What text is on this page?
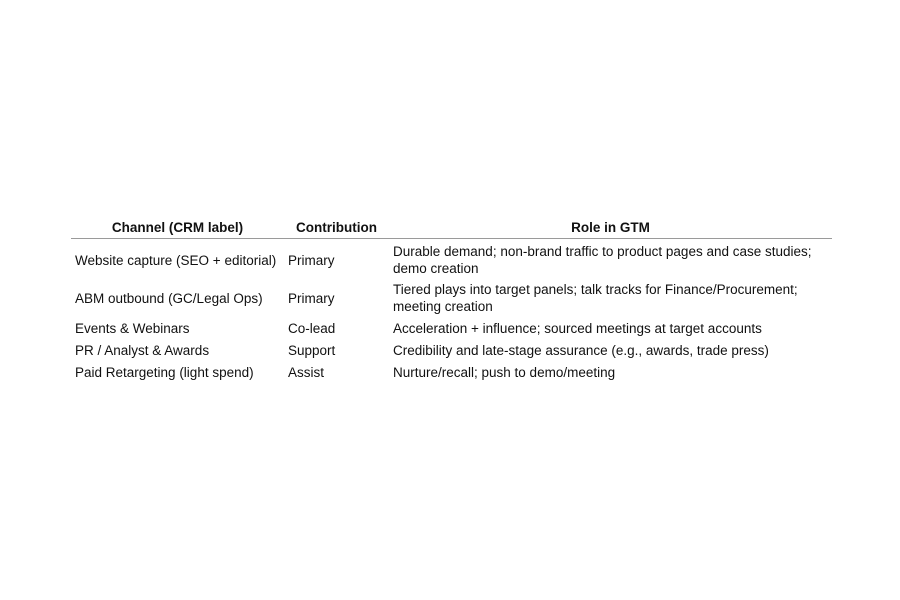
Channel (CRM label)	Contribution	Role in GTM
Website capture (SEO + editorial)	Primary	Durable demand; non-brand traffic to product pages and case studies; demo creation
ABM outbound (GC/Legal Ops)	Primary	Tiered plays into target panels; talk tracks for Finance/Procurement; meeting creation
Events & Webinars	Co-lead	Acceleration + influence; sourced meetings at target accounts
PR / Analyst & Awards	Support	Credibility and late-stage assurance (e.g., awards, trade press)
Paid Retargeting (light spend)	Assist	Nurture/recall; push to demo/meeting
